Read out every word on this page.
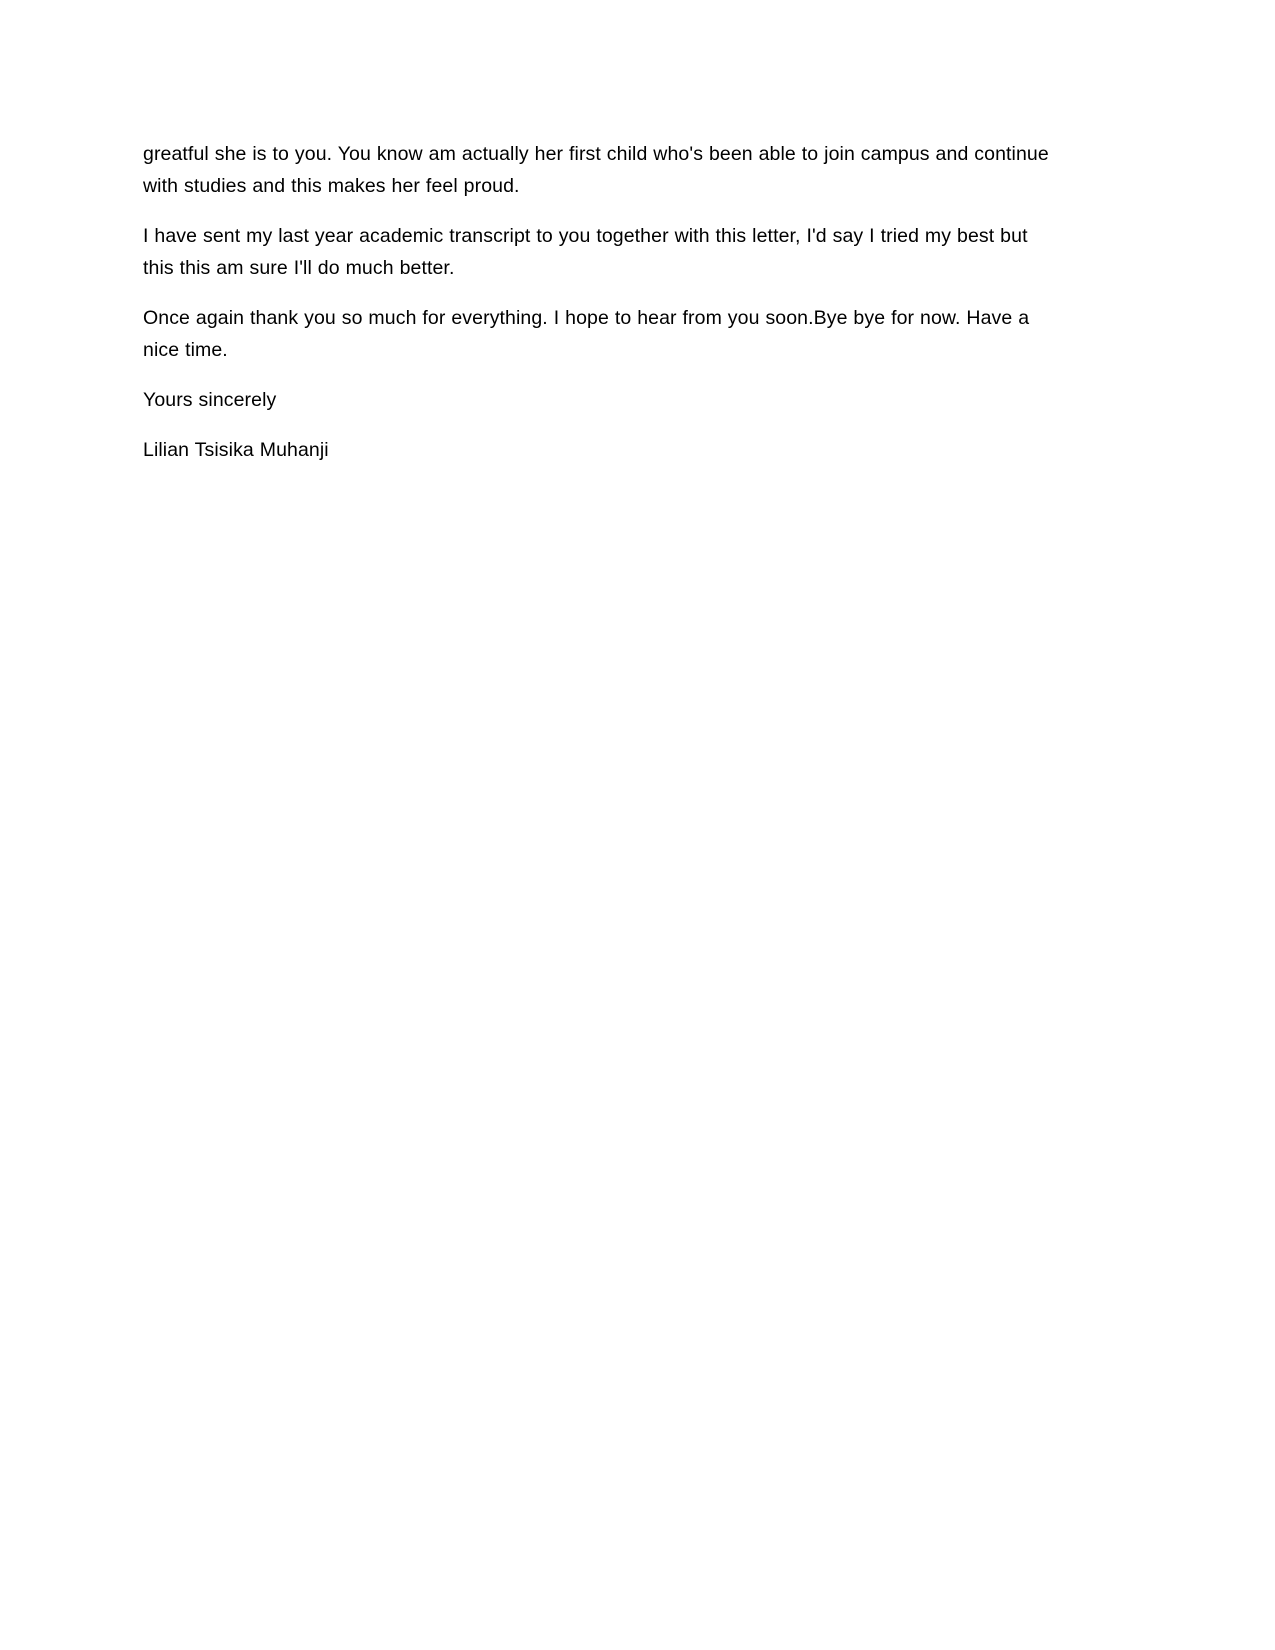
greatful she is to you. You know am actually her first child who's been able to join campus and continue with studies and this makes her feel proud.

I have sent my last year academic transcript to you together with this letter, I'd say I tried my best but this this am sure I'll do much better.

Once again thank you so much for everything. I hope to hear from you soon.Bye bye for now. Have a nice time.

Yours sincerely

Lilian Tsisika Muhanji
